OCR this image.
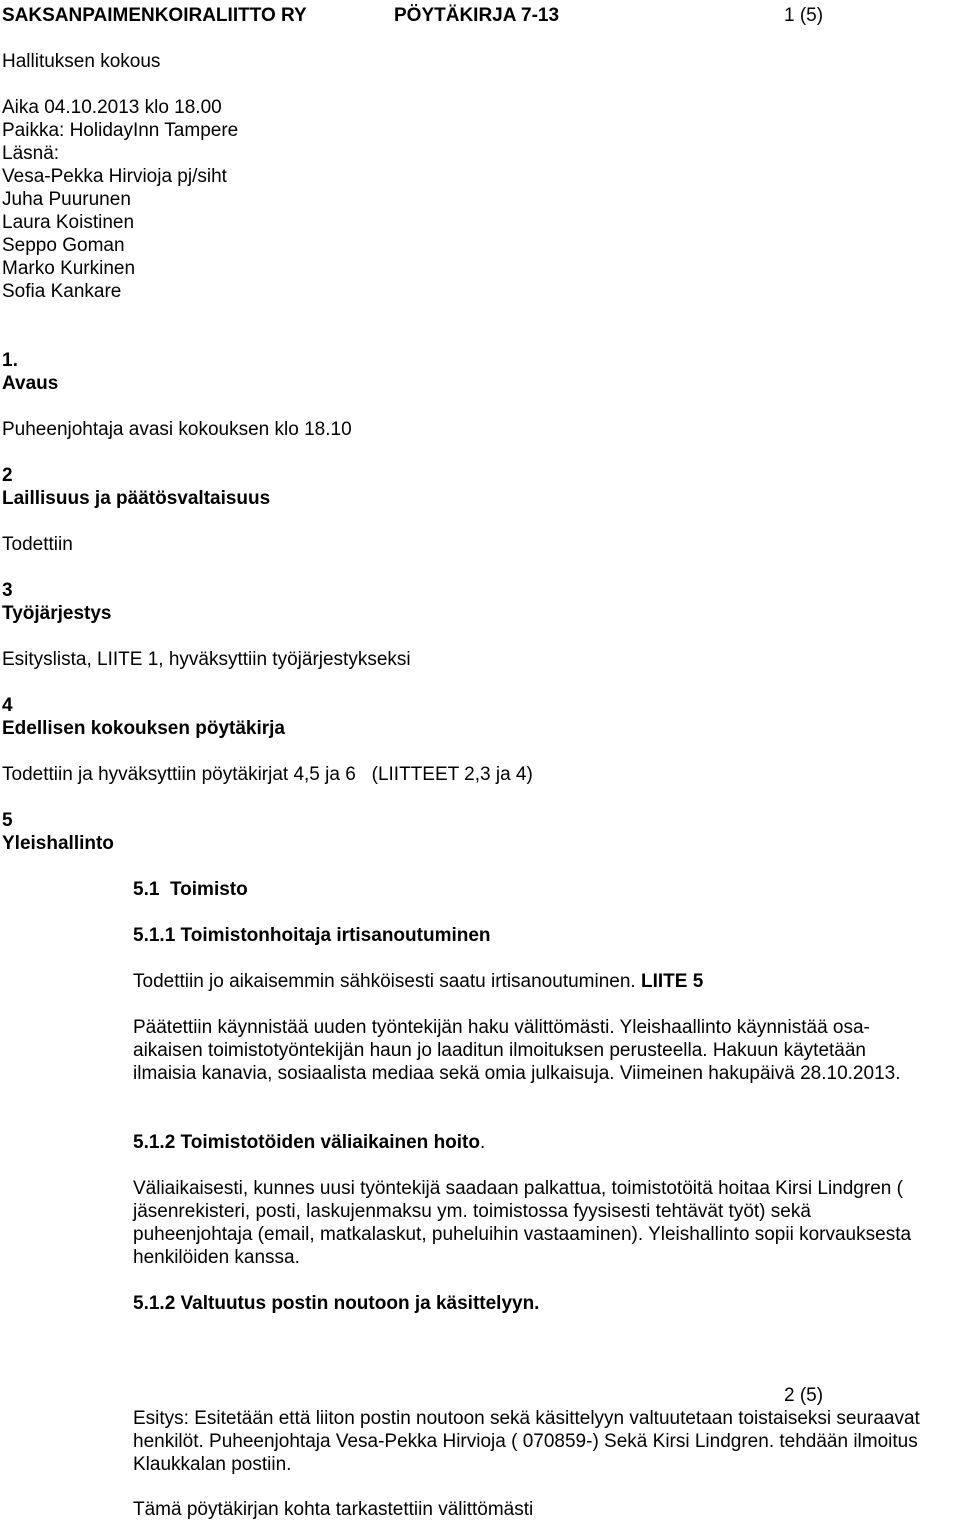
SAKSANPAIMENKOIRALIITTO RY	PÖYTÄKIRJA 7-13	1 (5)
Hallituksen kokous
Aika 04.10.2013 klo 18.00
Paikka: HolidayInn Tampere
Läsnä:
Vesa-Pekka Hirvioja pj/siht
Juha Puurunen
Laura Koistinen
Seppo Goman
Marko Kurkinen
Sofia Kankare
1.
Avaus
Puheenjohtaja avasi kokouksen klo 18.10
2
Laillisuus ja päätösvaltaisuus
Todettiin
3
Työjärjestys
Esityslista, LIITE 1, hyväksyttiin työjärjestykseksi
4
Edellisen kokouksen pöytäkirja
Todettiin ja hyväksyttiin pöytäkirjat 4,5 ja 6   (LIITTEET 2,3 ja 4)
5
Yleishallinto
5.1  Toimisto
5.1.1 Toimistonhoitaja irtisanoutuminen
Todettiin jo aikaisemmin sähköisesti saatu irtisanoutuminen. LIITE 5
Päätettiin käynnistää uuden työntekijän haku välittömästi. Yleishaallinto käynnistää osa-
aikaisen toimistotyöntekijän haun jo laaditun ilmoituksen perusteella. Hakuun käytetään
ilmaisia kanavia, sosiaalista mediaa sekä omia julkaisuja. Viimeinen hakupäivä 28.10.2013.
5.1.2 Toimistotöiden väliaikainen hoito.
Väliaikaisesti, kunnes uusi työntekijä saadaan palkattua, toimistotöitä hoitaa Kirsi Lindgren (
jäsenrekisteri, posti, laskujenmaksu ym. toimistossa fyysisesti tehtävät työt) sekä
puheenjohtaja (email, matkalaskut, puheluihin vastaaminen). Yleishallinto sopii korvauksesta
henkilöiden kanssa.
5.1.2 Valtuutus postin noutoon ja käsittelyyn.
2 (5)
Esitys: Esitetään että liiton postin noutoon sekä käsittelyyn valtuutetaan toistaiseksi seuraavat
henkilöt. Puheenjohtaja Vesa-Pekka Hirvioja ( 070859-) Sekä Kirsi Lindgren. tehdään ilmoitus
Klaukkalan postiin.
Tämä pöytäkirjan kohta tarkastettiin välittömästi
